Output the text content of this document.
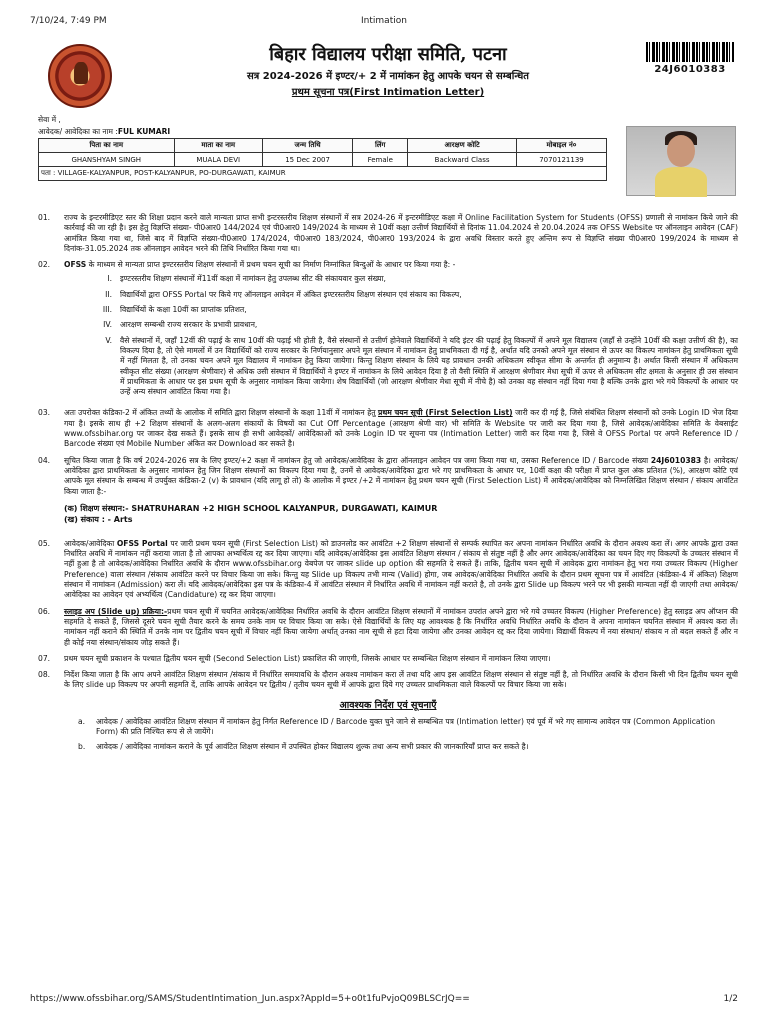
7/10/24, 7:49 PM	Intimation
बिहार विद्यालय परीक्षा समिति, पटना
सत्र 2024-2026 में इण्टर/+ 2 में नामांकन हेतु आपके चयन से सम्बन्धित
प्रथम सूचना पत्र(First Intimation Letter)
24J6010383
सेवा में ,
आवेदक/ आवेदिका का नाम :FUL KUMARI
पिता का नाम	माता का नाम	जन्म तिथि	लिंग	आरक्षण कोटि	मोबाइल नं०
GHANSHYAM SINGH	MUALA DEVI	15 Dec 2007	Female	Backward Class	7070121139
पता : VILLAGE-KALYANPUR, POST-KALYANPUR, PO-DURGAWATI, KAIMUR					
01.	राज्य के इन्टरमीडिएट स्तर की शिक्षा प्रदान करने वाले मान्यता प्राप्त सभी इन्टरस्तरीय शिक्षण संस्थानों में सत्र 2024-26 में इन्टरमीडिएट कक्षा में Online Facilitation System for Students (OFSS) प्रणाली से नामांकन किये जाने की कार्रवाई की जा रही है। इस हेतु विज्ञप्ति संख्या- पी0आर0 144/2024 एवं पी0आर0 149/2024 के माध्यम से 10वीं कक्षा उत्तीर्ण विद्यार्थियों से दिनांक 11.04.2024 से 20.04.2024 तक OFSS Website पर ऑनलाइन आवेदन (CAF) आमंत्रित किया गया था, जिसे बाद में विज्ञप्ति संख्या-पी0आर0 174/2024, पी0आर0 183/2024, पी0आर0 193/2024 के द्वारा अवधि विस्तार करते हुए अन्तिम रूप से विज्ञप्ति संख्या पी0आर0 199/2024 के माध्यम से दिनांक-31.05.2024 तक ऑनलाइन आवेदन भरने की तिथि निर्धारित किया गया था।
02.	OFSS के माध्यम से मान्यता प्राप्त इण्टरस्तरीय शिक्षण संस्थानों में प्रथम चयन सूची का निर्माण निम्नांकित बिन्दुओं के आधार पर किया गया है: -
I.	इण्टरस्तरीय शिक्षण संस्थानों में11वीं कक्षा में नामांकन हेतु उपलब्ध सीट की संकायवार कुल संख्या,
II.	विद्यार्थियों द्वारा OFSS Portal पर किये गए ऑनलाइन आवेदन में अंकित इण्टरस्तरीय शिक्षण संस्थान एवं संकाय का विकल्प,
III.	विद्यार्थियों के कक्षा 10वीं का प्राप्तांक प्रतिशत,
IV.	आरक्षण सम्बन्धी राज्य सरकार के प्रभावी प्रावधान,
V.	वैसे संस्थानों में, जहाँ 12वीं की पढ़ाई के साथ 10वीं की पढ़ाई भी होती है, वैसे संस्थानों से उत्तीर्ण होनेवाले विद्यार्थियों ने यदि इंटर की पढ़ाई हेतु विकल्पों में अपने मूल विद्यालय (जहाँ से उन्होंने 10वीं की कक्षा उत्तीर्ण की है), का विकल्प दिया है, तो ऐसे मामलों में उन विद्यार्थियों को राज्य सरकार के निर्णयानुसार अपने मूल संस्थान में नामांकन हेतु प्राथमिकता दी गई है, अर्थात यदि उनको अपने मूल संस्थान से ऊपर का विकल्प नामांकन हेतु प्राथमिकता सूची में नहीं मिलता है, तो उनका चयन अपने मूल विद्यालय में नामांकन हेतु किया जायेगा। किन्तु शिक्षण संस्थान के लिये यह प्रावधान उनकी अधिकतम स्वीकृत सीमा के अन्तर्गत ही अनुमान्य है। अर्थात किसी संस्थान में अधिकतम स्वीकृत सीट संख्या (आरक्षण श्रेणीवार) से अधिक उसी संस्थान में विद्यार्थियों ने इण्टर में नामांकन के लिये आवेदन दिया है तो वैसी स्थिति में आरक्षण श्रेणीवार मेधा सूची में ऊपर से अधिकतम सीट क्षमता के अनुसार ही उस संस्थान में प्राथमिकता के आधार पर इस प्रथम सूची के अनुसार नामांकन किया जायेगा। शेष विद्यार्थियों (जो आरक्षण श्रेणीवार मेधा सूची में नीचे है) को उनका वह संस्थान नहीं दिया गया है बल्कि उनके द्वारा भरे गये विकल्पों के आधार पर उन्हें अन्य संस्थान आवंटित किया गया है।
03.	अतः उपरोक्त कंडिका-2 में अंकित तथ्यों के आलोक में समिति द्वारा शिक्षण संस्थानों के कक्षा 11वीं में नामांकन हेतु प्रथम चयन सूची (First Selection List) जारी कर दी गई है, जिसे संबंधित शिक्षण संस्थानों को उनके Login ID भेज दिया गया है। इसके साथ ही +2 शिक्षण संस्थानों के अलग-अलग संकायों के विषयों का Cut Off Percentage (आरक्षण श्रेणी वार) भी समिति के Website पर जारी कर दिया गया है, जिसे आवेदक/आवेदिका समिति के वेबसाईट www.ofssbihar.org पर जाकर देख सकते हैं। इसके साथ ही सभी आवेदकों/ आवेदिकाओं को उनके Login ID पर सूचना पत्र (Intimation Letter) जारी कर दिया गया है, जिसे वे OFSS Portal पर अपने Reference ID / Barcode संख्या एवं Mobile Number अंकित कर Download कर सकते है।
04.	सूचित किया जाता है कि वर्ष 2024-2026 सत्र के लिए इण्टर/+2 कक्षा में नामांकन हेतु जो आवेदक/आवेदिका के द्वारा ऑनलाइन आवेदन पत्र जमा किया गया था, उसका Reference ID / Barcode संख्या 24J6010383 है। आवेदक/आवेदिका द्वारा प्राथमिकता के अनुसार नामांकन हेतु जिन शिक्षण संस्थानों का विकल्प दिया गया है, उनमें से आवेदक/आवेदिका द्वारा भरे गए प्राथमिकता के आधार पर, 10वीं कक्षा की परीक्षा में प्राप्त कुल अंक प्रतिशत (%), आरक्षण कोटि एवं आपके मूल संस्थान के सम्बन्ध में उपर्युक्त कंडिका-2 (v) के प्रावधान (यदि लागू हो तो) के आलोक में इण्टर /+2 में नामांकन हेतु प्रथम चयन सूची (First Selection List) में आवेदक/आवेदिका को निम्नलिखित शिक्षण संस्थान / संकाय आवंटित किया जाता है:-
(क) शिक्षण संस्थान:- SHATRUHARAN +2 HIGH SCHOOL KALYANPUR, DURGAWATI, KAIMUR
(ख) संकाय : - Arts
05.	आवेदक/आवेदिका OFSS Portal पर जारी प्रथम चयन सूची (First Selection List) को डाउनलोड कर आवंटित +2 शिक्षण संस्थानों से सम्पर्क स्थापित कर अपना नामांकन निर्धारित अवधि के दौरान अवश्य करा लें। अगर आपके द्वारा उक्त निर्धारित अवधि में नामांकन नहीं कराया जाता है तो आपका अभ्यर्थित्व रद्द कर दिया जाएगा। यदि आवेदक/आवेदिका इस आवंटित शिक्षण संस्थान / संकाय से संतुष्ट नहीं है और अगर आवेदक/आवेदिका का चयन दिए गए विकल्पों के उच्चतर संस्थान में नहीं हुआ है तो आवेदक/आवेदिका निर्धारित अवधि के दौरान www.ofssbihar.org वेबपेज पर जाकर slide up option की सहमति दे सकते हैं। ताकि, द्वितीय चयन सूची में आवेदक द्वारा नामांकन हेतु भरा गया उच्चतर विकल्प (Higher Preference) वाला संस्थान /संकाय आवंटित करने पर विचार किया जा सके। किन्तु यह Slide up विकल्प तभी मान्य (Valid) होगा, जब आवेदक/आवेदिका निर्धारित अवधि के दौरान प्रथम सूचना पत्र में आवंटित (कंडिका-4 में अंकित) शिक्षण संस्थान में नामांकन (Admission) करा लें। यदि आवेदक/आवेदिका इस पत्र के कंडिका-4 में आवंटित संस्थान में निर्धारित अवधि में नामांकन नहीं कराते है, तो उनके द्वारा Slide up विकल्प भरने पर भी इसकी मान्यता नहीं दी जाएगी तथा आवेदक/आवेदिका का आवेदन एवं अभ्यर्थित्व (Candidature) रद्द कर दिया जाएगा।
06.	स्लाइड अप (Slide up) प्रक्रिया:-प्रथम चयन सूची में चयनित आवेदक/आवेदिका निर्धारित अवधि के दौरान आवंटित शिक्षण संस्थानों में नामांकन उपरांत अपने द्वारा भरे गये उच्चतर विकल्प (Higher Preference) हेतु स्लाइड अप ऑप्शन की सहमति दे सकते हैं, जिससे दूसरे चयन सूची तैयार करने के समय उनके नाम पर विचार किया जा सके। ऐसे विद्यार्थियों के लिए यह आवश्यक है कि निर्धारित अवधि निर्धारित अवधि के दौरान वे अपना नामांकन चयनित संस्थान में अवश्य करा लें। नामांकन नहीं कराने की स्थिति में उनके नाम पर द्वितीय चयन सूची में विचार नहीं किया जायेगा अर्थात् उनका नाम सूची से हटा दिया जायेगा और उनका आवेदन रद्द कर दिया जायेगा। विद्यार्थी विकल्प में नया संस्थान/ संकाय न तो बदल सकते हैं और न ही कोई नया संस्थान/संकाय जोड़ सकते हैं।
07.	प्रथम चयन सूची प्रकाशन के पश्चात द्वितीय चयन सूची (Second Selection List) प्रकाशित की जाएगी, जिसके आधार पर सम्बन्धित शिक्षण संस्थान में नामांकन लिया जाएगा।
08.	निर्देश किया जाता है कि आप अपने आवंटित शिक्षण संस्थान /संकाय में निर्धारित समयावधि के दौरान अवश्य नामांकन करा लें तथा यदि आप इस आवंटित शिक्षण संस्थान से संतुष्ट नहीं है, तो निर्धारित अवधि के दौरान किसी भी दिन द्वितीय चयन सूची के लिए slide up विकल्प पर अपनी सहमति दें, ताकि आपके आवेदन पर द्वितीय / तृतीय चयन सूची में आपके द्वारा दिये गए उच्चतर प्राथमिकता वाले विकल्पों पर विचार किया जा सके।
आवश्यक निर्देश एवं सूचनाएँ
a.	आवेदक / आवेदिका आवंटित शिक्षण संस्थान में नामांकन हेतु निर्गत Reference ID / Barcode युक्त चुने जाने से सम्बन्धित पत्र (Intimation letter) एवं पूर्व में भरे गए सामान्य आवेदन पत्र (Common Application Form) की प्रति निश्चित रूप से ले जायेंगे।
b.	आवेदक / आवेदिका नामांकन कराने के पूर्व आवंटित शिक्षण संस्थान में उपस्थित होकर विद्यालय शुल्क तथा अन्य सभी प्रकार की जानकारियाँ प्राप्त कर सकते है।
https://www.ofssbihar.org/SAMS/StudentIntimation_Jun.aspx?AppId=5+o0t1fuPvjoQ09BLSCrJQ==	1/2
